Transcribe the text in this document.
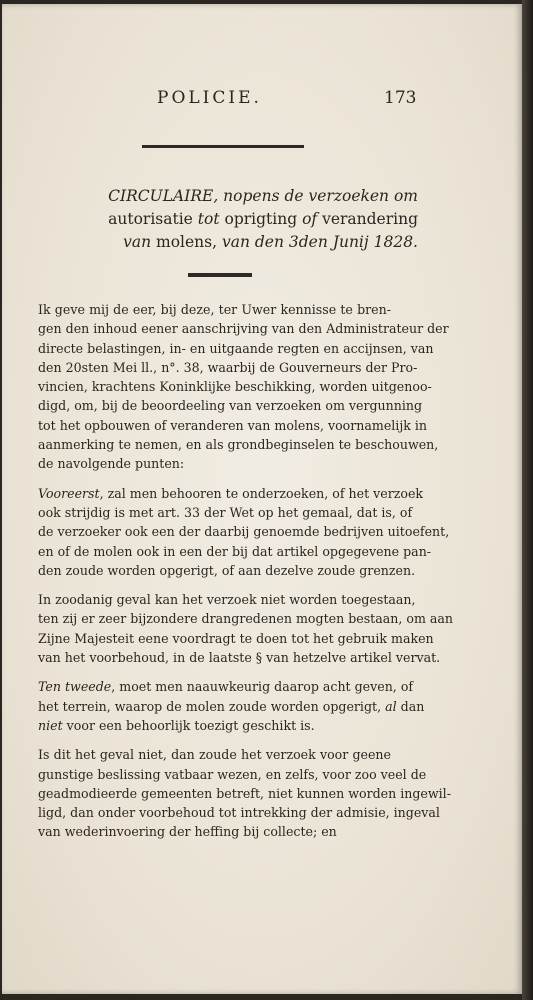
POLICIE.	173
CIRCULAIRE, nopens de verzoeken om
autorisatie tot oprigting of verandering
van molens, van den 3den Junij 1828.

Ik geve mij de eer, bij deze, ter Uwer kennisse te bren-
gen den inhoud eener aanschrijving van den Administrateur der
directe belastingen, in- en uitgaande regten en accijnsen, van
den 20sten Mei ll., n°. 38, waarbij de Gouverneurs der Pro-
vincien, krachtens Koninklijke beschikking, worden uitgenoo-
digd, om, bij de beoordeeling van verzoeken om vergunning
tot het opbouwen of veranderen van molens, voornamelijk in
aanmerking te nemen, en als grondbeginselen te beschouwen,
de navolgende punten:

Vooreerst, zal men behooren te onderzoeken, of het verzoek
ook strijdig is met art. 33 der Wet op het gemaal, dat is, of
de verzoeker ook een der daarbij genoemde bedrijven uitoefent,
en of de molen ook in een der bij dat artikel opgegevene pan-
den zoude worden opgerigt, of aan dezelve zoude grenzen.

In zoodanig geval kan het verzoek niet worden toegestaan,
ten zij er zeer bijzondere drangredenen mogten bestaan, om aan
Zijne Majesteit eene voordragt te doen tot het gebruik maken
van het voorbehoud, in de laatste § van hetzelve artikel vervat.

Ten tweede, moet men naauwkeurig daarop acht geven, of
het terrein, waarop de molen zoude worden opgerigt, al dan
niet voor een behoorlijk toezigt geschikt is.

Is dit het geval niet, dan zoude het verzoek voor geene
gunstige beslissing vatbaar wezen, en zelfs, voor zoo veel de
geadmodieerde gemeenten betreft, niet kunnen worden ingewil-
ligd, dan onder voorbehoud tot intrekking der admisie, ingeval
van wederinvoering der heffing bij collecte; en
